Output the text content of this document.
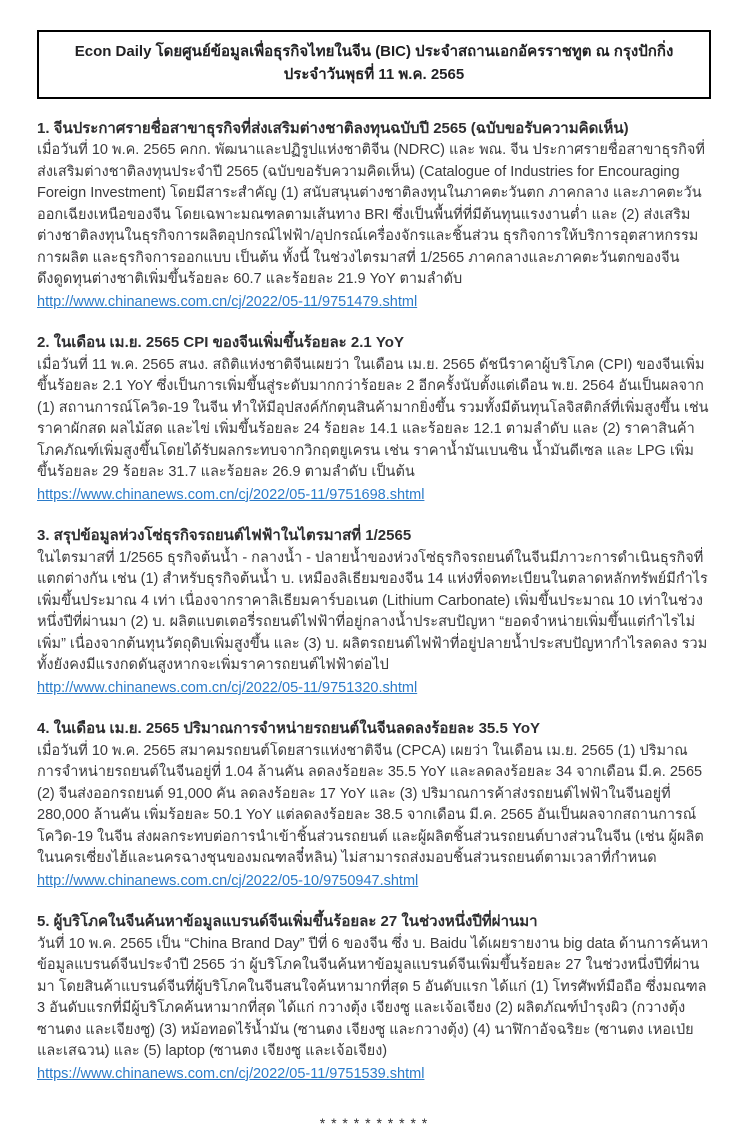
Econ Daily โดยศูนย์ข้อมูลเพื่อธุรกิจไทยในจีน (BIC) ประจำสถานเอกอัครราชทูต ณ กรุงปักกิ่ง
ประจำวันพุธที่ 11 พ.ค. 2565

1. จีนประกาศรายชื่อสาขาธุรกิจที่ส่งเสริมต่างชาติลงทุนฉบับปี 2565 (ฉบับขอรับความคิดเห็น)

เมื่อวันที่ 10 พ.ค. 2565 คกก. พัฒนาและปฏิรูปแห่งชาติจีน (NDRC) และ พณ. จีน ประกาศรายชื่อสาขาธุรกิจที่ส่งเสริมต่างชาติลงทุนประจำปี 2565 (ฉบับขอรับความคิดเห็น) (Catalogue of Industries for Encouraging Foreign Investment) โดยมีสาระสำคัญ (1) สนับสนุนต่างชาติลงทุนในภาคตะวันตก ภาคกลาง และภาคตะวันออกเฉียงเหนือของจีน โดยเฉพาะมณฑลตามเส้นทาง BRI ซึ่งเป็นพื้นที่ที่มีต้นทุนแรงงานต่ำ และ (2) ส่งเสริมต่างชาติลงทุนในธุรกิจการผลิตอุปกรณ์ไฟฟ้า/อุปกรณ์เครื่องจักรและชิ้นส่วน ธุรกิจการให้บริการอุตสาหกรรมการผลิต และธุรกิจการออกแบบ เป็นต้น ทั้งนี้ ในช่วงไตรมาสที่ 1/2565 ภาคกลางและภาคตะวันตกของจีนดึงดูดทุนต่างชาติเพิ่มขึ้นร้อยละ 60.7 และร้อยละ 21.9 YoY ตามลำดับ

http://www.chinanews.com.cn/cj/2022/05-11/9751479.shtml

2. ในเดือน เม.ย. 2565 CPI ของจีนเพิ่มขึ้นร้อยละ 2.1 YoY

เมื่อวันที่ 11 พ.ค. 2565 สนง. สถิติแห่งชาติจีนเผยว่า ในเดือน เม.ย. 2565 ดัชนีราคาผู้บริโภค (CPI) ของจีนเพิ่มขึ้นร้อยละ 2.1 YoY ซึ่งเป็นการเพิ่มขึ้นสู่ระดับมากกว่าร้อยละ 2 อีกครั้งนับตั้งแต่เดือน พ.ย. 2564 อันเป็นผลจาก (1) สถานการณ์โควิด-19 ในจีน ทำให้มีอุปสงค์กักตุนสินค้ามากยิ่งขึ้น รวมทั้งมีต้นทุนโลจิสติกส์ที่เพิ่มสูงขึ้น เช่น ราคาผักสด ผลไม้สด และไข่ เพิ่มขึ้นร้อยละ 24 ร้อยละ 14.1 และร้อยละ 12.1 ตามลำดับ และ (2) ราคาสินค้าโภคภัณฑ์เพิ่มสูงขึ้นโดยได้รับผลกระทบจากวิกฤตยูเครน เช่น ราคาน้ำมันเบนซิน น้ำมันดีเซล และ LPG เพิ่มขึ้นร้อยละ 29 ร้อยละ 31.7 และร้อยละ 26.9 ตามลำดับ เป็นต้น

https://www.chinanews.com.cn/cj/2022/05-11/9751698.shtml

3. สรุปข้อมูลห่วงโซ่ธุรกิจรถยนต์ไฟฟ้าในไตรมาสที่ 1/2565

ในไตรมาสที่ 1/2565 ธุรกิจต้นน้ำ - กลางน้ำ - ปลายน้ำของห่วงโซ่ธุรกิจรถยนต์ในจีนมีภาวะการดำเนินธุรกิจที่แตกต่างกัน เช่น (1) สำหรับธุรกิจต้นน้ำ บ. เหมืองลิเธียมของจีน 14 แห่งที่จดทะเบียนในตลาดหลักทรัพย์มีกำไรเพิ่มขึ้นประมาณ 4 เท่า เนื่องจากราคาลิเธียมคาร์บอเนต (Lithium Carbonate) เพิ่มขึ้นประมาณ 10 เท่าในช่วงหนึ่งปีที่ผ่านมา (2) บ. ผลิตแบตเตอรี่รถยนต์ไฟฟ้าที่อยู่กลางน้ำประสบปัญหา “ยอดจำหน่ายเพิ่มขึ้นแต่กำไรไม่เพิ่ม” เนื่องจากต้นทุนวัตถุดิบเพิ่มสูงขึ้น และ (3) บ. ผลิตรถยนต์ไฟฟ้าที่อยู่ปลายน้ำประสบปัญหากำไรลดลง รวมทั้งยังคงมีแรงกดดันสูงหากจะเพิ่มราคารถยนต์ไฟฟ้าต่อไป

http://www.chinanews.com.cn/cj/2022/05-11/9751320.shtml

4. ในเดือน เม.ย. 2565 ปริมาณการจำหน่ายรถยนต์ในจีนลดลงร้อยละ 35.5 YoY

เมื่อวันที่ 10 พ.ค. 2565 สมาคมรถยนต์โดยสารแห่งชาติจีน (CPCA) เผยว่า ในเดือน เม.ย. 2565 (1) ปริมาณการจำหน่ายรถยนต์ในจีนอยู่ที่ 1.04 ล้านคัน ลดลงร้อยละ 35.5 YoY และลดลงร้อยละ 34 จากเดือน มี.ค. 2565 (2) จีนส่งออกรถยนต์ 91,000 คัน ลดลงร้อยละ 17 YoY และ (3) ปริมาณการค้าส่งรถยนต์ไฟฟ้าในจีนอยู่ที่ 280,000 ล้านคัน เพิ่มร้อยละ 50.1 YoY แต่ลดลงร้อยละ 38.5 จากเดือน มี.ค. 2565 อันเป็นผลจากสถานการณ์โควิด-19 ในจีน ส่งผลกระทบต่อการนำเข้าชิ้นส่วนรถยนต์ และผู้ผลิตชิ้นส่วนรถยนต์บางส่วนในจีน (เช่น ผู้ผลิตในนครเซี่ยงไฮ้และนครฉางชุนของมณฑลจี๋หลิน) ไม่สามารถส่งมอบชิ้นส่วนรถยนต์ตามเวลาที่กำหนด

http://www.chinanews.com.cn/cj/2022/05-10/9750947.shtml

5. ผู้บริโภคในจีนค้นหาข้อมูลแบรนด์จีนเพิ่มขึ้นร้อยละ 27 ในช่วงหนึ่งปีที่ผ่านมา

วันที่ 10 พ.ค. 2565 เป็น “China Brand Day” ปีที่ 6 ของจีน ซึ่ง บ. Baidu ได้เผยรายงาน big data ด้านการค้นหาข้อมูลแบรนด์จีนประจำปี 2565 ว่า ผู้บริโภคในจีนค้นหาข้อมูลแบรนด์จีนเพิ่มขึ้นร้อยละ 27 ในช่วงหนึ่งปีที่ผ่านมา โดยสินค้าแบรนด์จีนที่ผู้บริโภคในจีนสนใจค้นหามากที่สุด 5 อันดับแรก ได้แก่ (1) โทรศัพท์มือถือ ซึ่งมณฑล 3 อันดับแรกที่มีผู้บริโภคค้นหามากที่สุด ได้แก่ กวางตุ้ง เจียงซู และเจ้อเจียง (2) ผลิตภัณฑ์บำรุงผิว (กวางตุ้ง ซานตง และเจียงซู) (3) หม้อทอดไร้น้ำมัน (ซานตง เจียงซู และกวางตุ้ง) (4) นาฬิกาอัจฉริยะ (ซานตง เหอเป่ย และเสฉวน) และ (5) laptop (ซานตง เจียงซู และเจ้อเจียง)

https://www.chinanews.com.cn/cj/2022/05-11/9751539.shtml
* * * * * * * * * *
